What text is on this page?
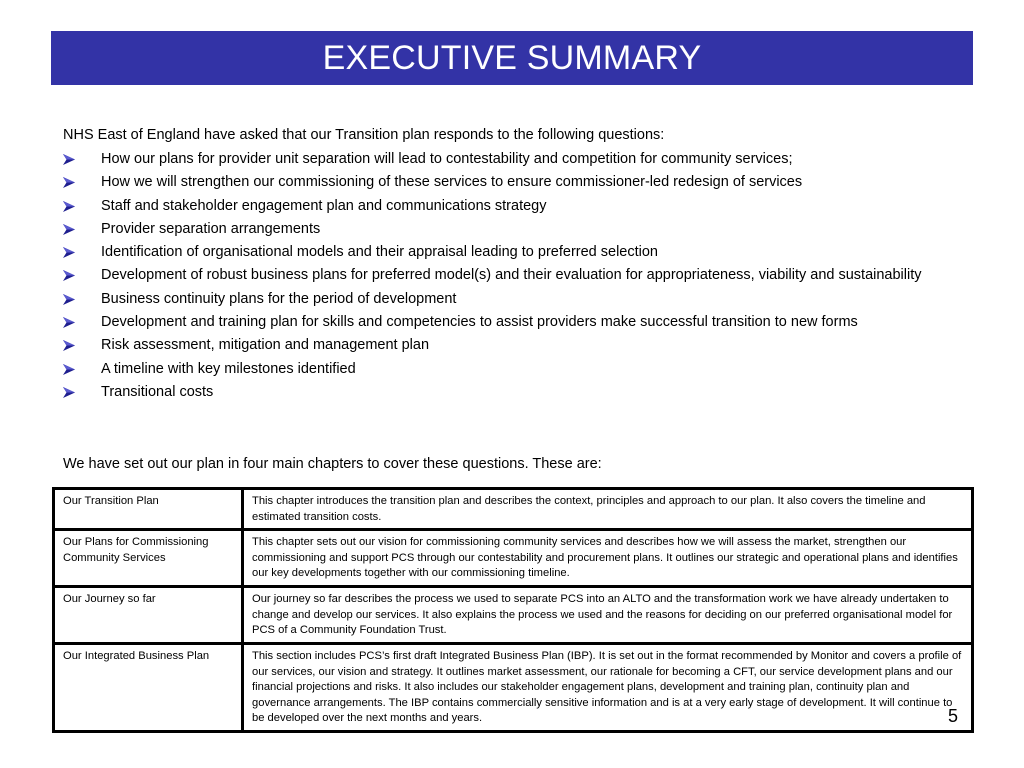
EXECUTIVE SUMMARY
NHS East of England have asked that our Transition plan responds to the following questions:
How our plans for provider unit separation will lead to contestability and competition for community services;
How we will strengthen our commissioning of these services to ensure commissioner-led redesign of services
Staff and stakeholder engagement plan and communications strategy
Provider separation arrangements
Identification of organisational models and their appraisal leading to preferred selection
Development of robust business plans for preferred model(s) and their evaluation for appropriateness, viability and sustainability
Business continuity plans for the period of development
Development and training plan for skills and competencies to assist providers make successful transition to new forms
Risk assessment, mitigation and management plan
A timeline with key milestones identified
Transitional costs
We have set out our plan in four main chapters to cover these questions. These are:
Our Transition Plan	This chapter introduces the transition plan and describes the context, principles and approach to our plan. It also covers the timeline and estimated transition costs.
Our Plans for Commissioning Community Services	This chapter sets out our vision for commissioning community services and describes how we will assess the market, strengthen our commissioning and support PCS through our contestability and procurement plans. It outlines our strategic and operational plans and identifies our key developments together with our commissioning timeline.
Our Journey so far	Our journey so far describes the process we used to separate PCS into an ALTO and the transformation work we have already undertaken to change and develop our services. It also explains the process we used and the reasons for deciding on our preferred organisational model for PCS of a Community Foundation Trust.
Our Integrated Business Plan	This section includes PCS’s first draft Integrated Business Plan (IBP). It is set out in the format recommended by Monitor and covers a profile of our services, our vision and strategy. It outlines market assessment, our rationale for becoming a CFT, our service development plans and our financial projections and risks. It also includes our stakeholder engagement plans, development and training plan, continuity plan and governance arrangements. The IBP contains commercially sensitive information and is at a very early stage of development. It will continue to be developed over the next months and years.	5
